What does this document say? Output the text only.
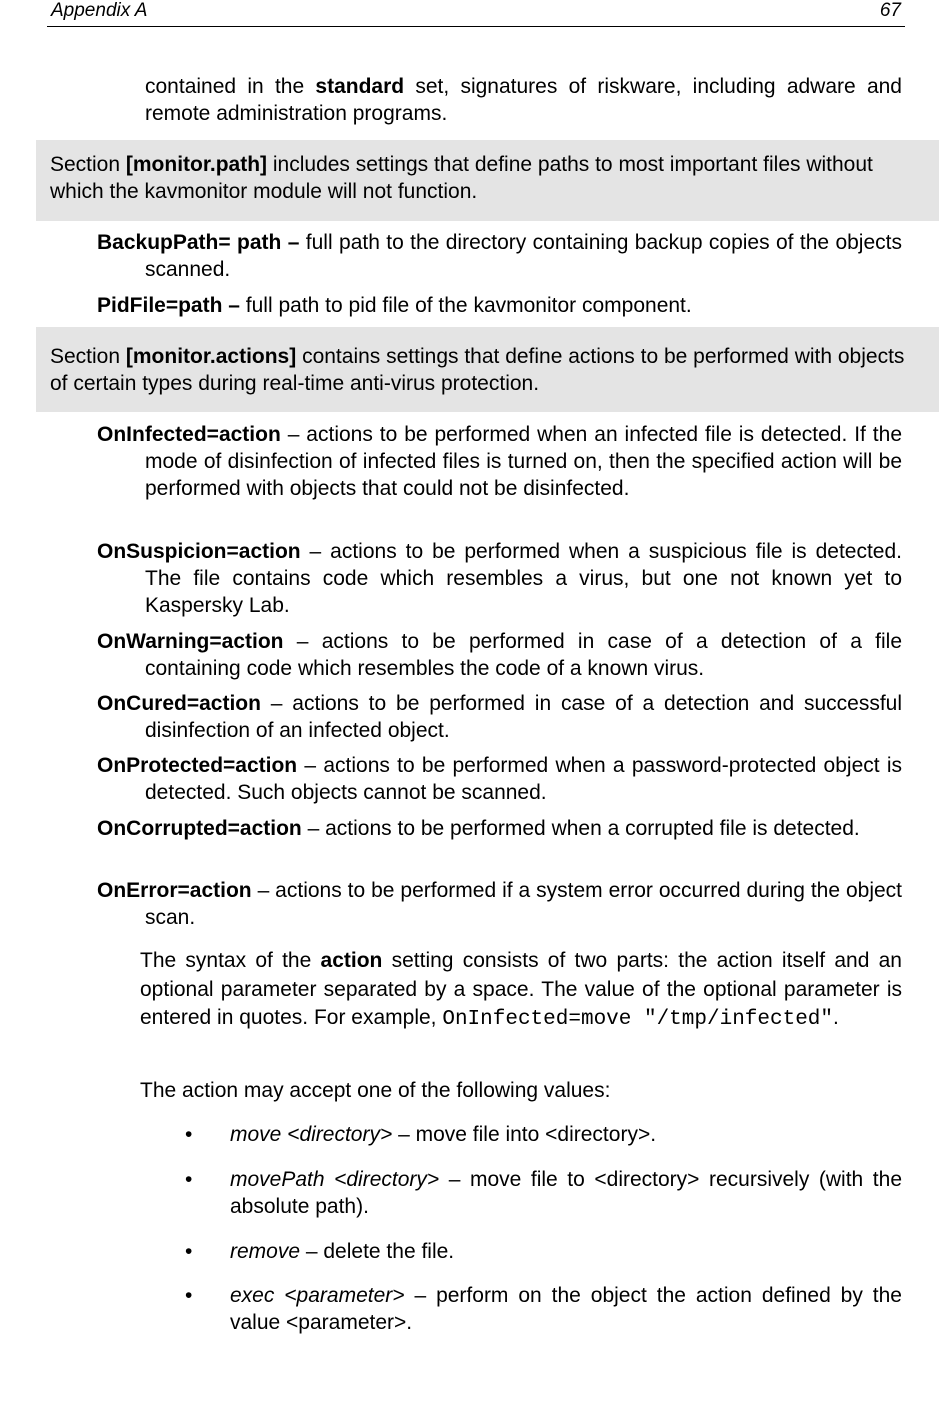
Appendix A	67
contained in the standard set, signatures of riskware, including adware and remote administration programs.
Section [monitor.path] includes settings that define paths to most important files without which the kavmonitor module will not function.
BackupPath= path – full path to the directory containing backup copies of the objects scanned.
PidFile=path – full path to pid file of the kavmonitor component.
Section [monitor.actions] contains settings that define actions to be performed with objects of certain types during real-time anti-virus protection.
OnInfected=action – actions to be performed when an infected file is detected. If the mode of disinfection of infected files is turned on, then the specified action will be performed with objects that could not be disinfected.
OnSuspicion=action – actions to be performed when a suspicious file is detected. The file contains code which resembles a virus, but one not known yet to Kaspersky Lab.
OnWarning=action – actions to be performed in case of a detection of a file containing code which resembles the code of a known virus.
OnCured=action – actions to be performed in case of a detection and successful disinfection of an infected object.
OnProtected=action – actions to be performed when a password-protected object is detected. Such objects cannot be scanned.
OnCorrupted=action – actions to be performed when a corrupted file is detected.
OnError=action – actions to be performed if a system error occurred during the object scan.
The syntax of the action setting consists of two parts: the action itself and an optional parameter separated by a space. The value of the optional parameter is entered in quotes. For example, OnInfected=move "/tmp/infected".
The action may accept one of the following values:
•	move <directory> – move file into <directory>.
•	movePath <directory> – move file to <directory> recursively (with the absolute path).
•	remove – delete the file.
•	exec <parameter> – perform on the object the action defined by the value <parameter>.
